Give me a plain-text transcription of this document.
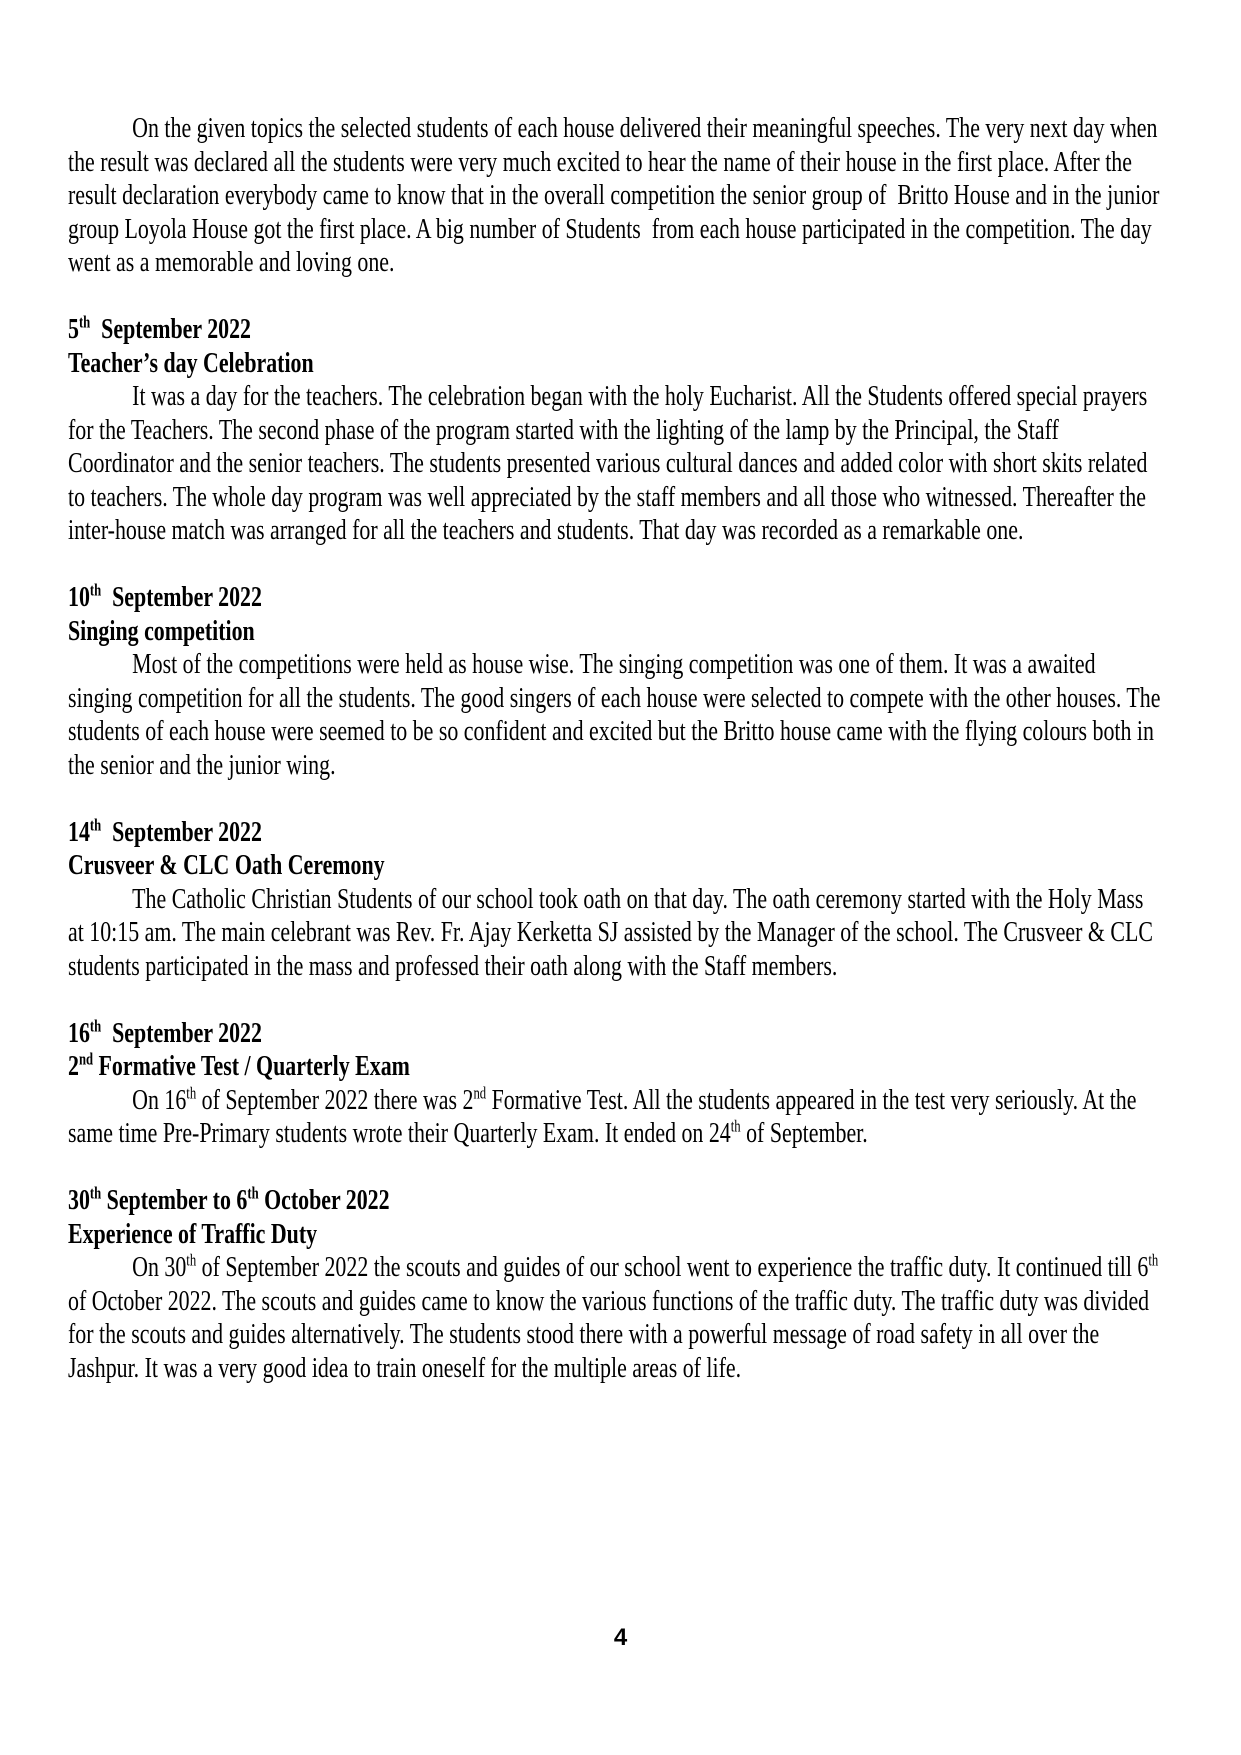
On the given topics the selected students of each house delivered their meaningful speeches. The very next day when the result was declared all the students were very much excited to hear the name of their house in the first place. After the result declaration everybody came to know that in the overall competition the senior group of  Britto House and in the junior group Loyola House got the first place. A big number of Students  from each house participated in the competition. The day went as a memorable and loving one.

5th  September 2022
Teacher’s day Celebration

It was a day for the teachers. The celebration began with the holy Eucharist. All the Students offered special prayers for the Teachers. The second phase of the program started with the lighting of the lamp by the Principal, the Staff Coordinator and the senior teachers. The students presented various cultural dances and added color with short skits related to teachers. The whole day program was well appreciated by the staff members and all those who witnessed. Thereafter the inter-house match was arranged for all the teachers and students. That day was recorded as a remarkable one.

10th  September 2022
Singing competition

Most of the competitions were held as house wise. The singing competition was one of them. It was a awaited singing competition for all the students. The good singers of each house were selected to compete with the other houses. The students of each house were seemed to be so confident and excited but the Britto house came with the flying colours both in the senior and the junior wing.

14th  September 2022
Crusveer & CLC Oath Ceremony

The Catholic Christian Students of our school took oath on that day. The oath ceremony started with the Holy Mass at 10:15 am. The main celebrant was Rev. Fr. Ajay Kerketta SJ assisted by the Manager of the school. The Crusveer & CLC students participated in the mass and professed their oath along with the Staff members.

16th  September 2022
2nd Formative Test / Quarterly Exam

On 16th of September 2022 there was 2nd Formative Test. All the students appeared in the test very seriously. At the same time Pre-Primary students wrote their Quarterly Exam. It ended on 24th of September.

30th September to 6th October 2022
Experience of Traffic Duty

On 30th of September 2022 the scouts and guides of our school went to experience the traffic duty. It continued till 6th of October 2022. The scouts and guides came to know the various functions of the traffic duty. The traffic duty was divided for the scouts and guides alternatively. The students stood there with a powerful message of road safety in all over the Jashpur. It was a very good idea to train oneself for the multiple areas of life.

4
